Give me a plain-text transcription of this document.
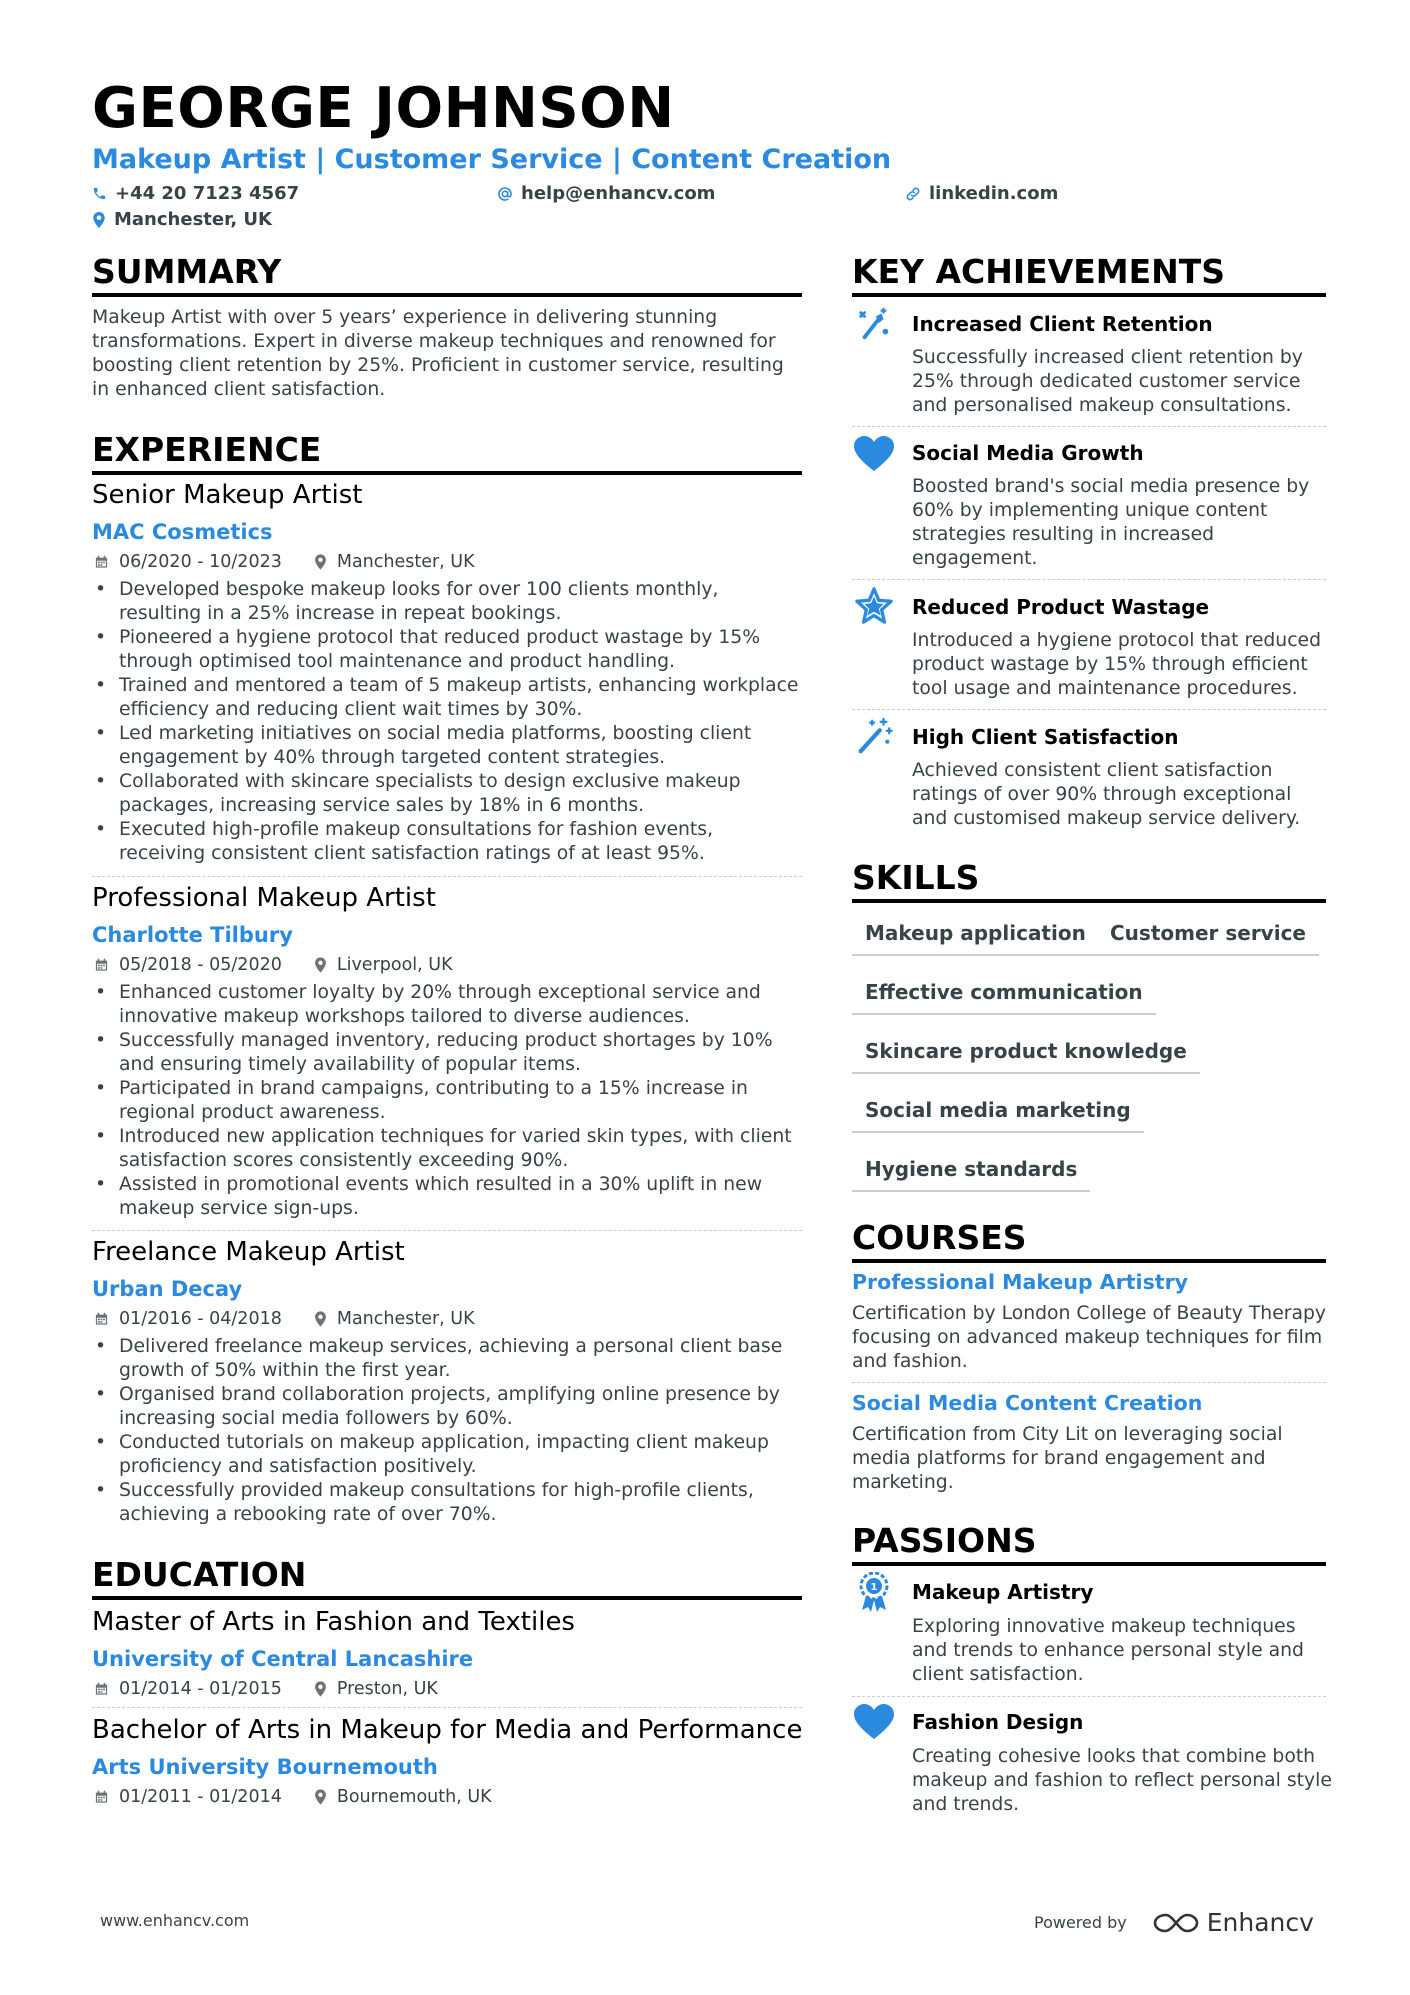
GEORGE JOHNSON
Makeup Artist | Customer Service | Content Creation
+44 20 7123 4567	help@enhancv.com	linkedin.com
Manchester, UK
SUMMARY
Makeup Artist with over 5 years’ experience in delivering stunning transformations. Expert in diverse makeup techniques and renowned for boosting client retention by 25%. Proficient in customer service, resulting in enhanced client satisfaction.
EXPERIENCE
Senior Makeup Artist
MAC Cosmetics
06/2020 - 10/2023	Manchester, UK
• Developed bespoke makeup looks for over 100 clients monthly, resulting in a 25% increase in repeat bookings.
• Pioneered a hygiene protocol that reduced product wastage by 15% through optimised tool maintenance and product handling.
• Trained and mentored a team of 5 makeup artists, enhancing workplace efficiency and reducing client wait times by 30%.
• Led marketing initiatives on social media platforms, boosting client engagement by 40% through targeted content strategies.
• Collaborated with skincare specialists to design exclusive makeup packages, increasing service sales by 18% in 6 months.
• Executed high-profile makeup consultations for fashion events, receiving consistent client satisfaction ratings of at least 95%.
Professional Makeup Artist
Charlotte Tilbury
05/2018 - 05/2020	Liverpool, UK
• Enhanced customer loyalty by 20% through exceptional service and innovative makeup workshops tailored to diverse audiences.
• Successfully managed inventory, reducing product shortages by 10% and ensuring timely availability of popular items.
• Participated in brand campaigns, contributing to a 15% increase in regional product awareness.
• Introduced new application techniques for varied skin types, with client satisfaction scores consistently exceeding 90%.
• Assisted in promotional events which resulted in a 30% uplift in new makeup service sign-ups.
Freelance Makeup Artist
Urban Decay
01/2016 - 04/2018	Manchester, UK
• Delivered freelance makeup services, achieving a personal client base growth of 50% within the first year.
• Organised brand collaboration projects, amplifying online presence by increasing social media followers by 60%.
• Conducted tutorials on makeup application, impacting client makeup proficiency and satisfaction positively.
• Successfully provided makeup consultations for high-profile clients, achieving a rebooking rate of over 70%.
EDUCATION
Master of Arts in Fashion and Textiles
University of Central Lancashire
01/2014 - 01/2015	Preston, UK
Bachelor of Arts in Makeup for Media and Performance
Arts University Bournemouth
01/2011 - 01/2014	Bournemouth, UK
KEY ACHIEVEMENTS
Increased Client Retention
Successfully increased client retention by 25% through dedicated customer service and personalised makeup consultations.
Social Media Growth
Boosted brand's social media presence by 60% by implementing unique content strategies resulting in increased engagement.
Reduced Product Wastage
Introduced a hygiene protocol that reduced product wastage by 15% through efficient tool usage and maintenance procedures.
High Client Satisfaction
Achieved consistent client satisfaction ratings of over 90% through exceptional and customised makeup service delivery.
SKILLS
Makeup application	Customer service
Effective communication
Skincare product knowledge
Social media marketing
Hygiene standards
COURSES
Professional Makeup Artistry
Certification by London College of Beauty Therapy focusing on advanced makeup techniques for film and fashion.
Social Media Content Creation
Certification from City Lit on leveraging social media platforms for brand engagement and marketing.
PASSIONS
1 Makeup Artistry
Exploring innovative makeup techniques and trends to enhance personal style and client satisfaction.
Fashion Design
Creating cohesive looks that combine both makeup and fashion to reflect personal style and trends.
www.enhancv.com	Powered by	Enhancv
